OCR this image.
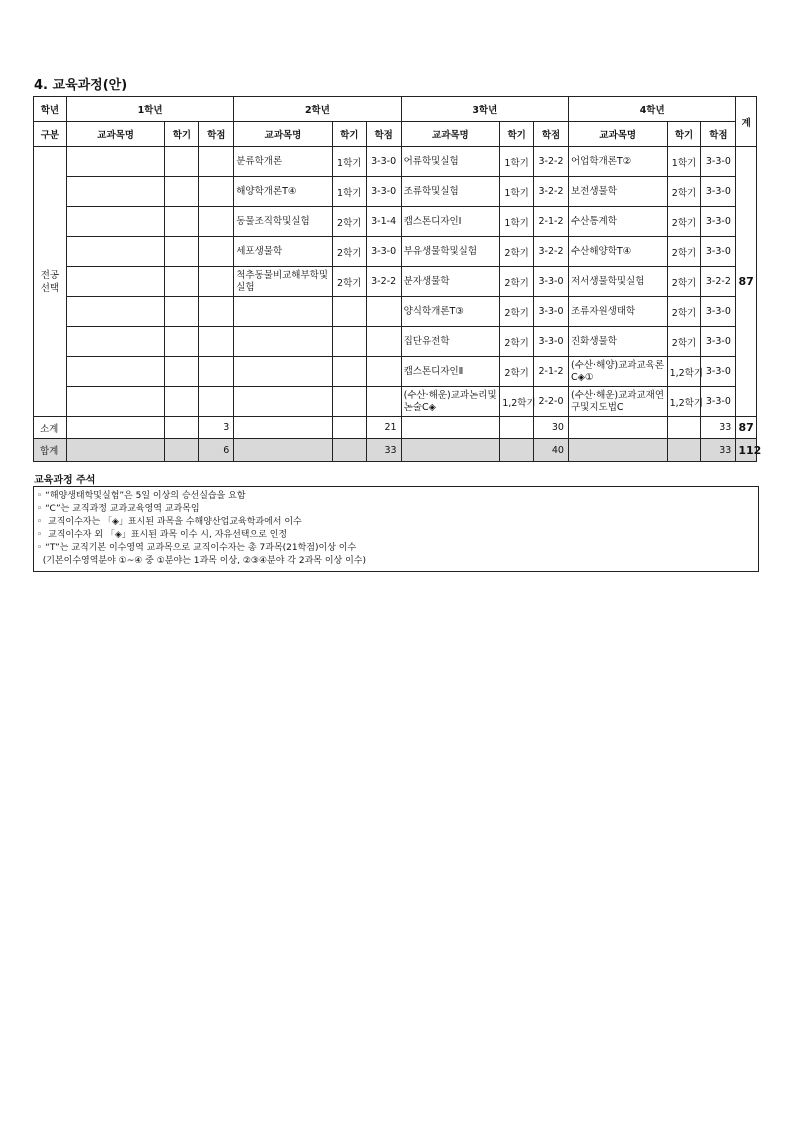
4. 교육과정(안)
학년	1학년			2학년			3학년			4학년			계
구분	교과목명	학기	학점	교과목명	학기	학점	교과목명	학기	학점	교과목명	학기	학점	
전공
선택				분류학개론	1학기	3-3-0	어류학및실험	1학기	3-2-2	어업학개론T②	1학기	3-3-0	87
				해양학개론T④	1학기	3-3-0	조류학및실험	1학기	3-2-2	보전생물학	2학기	3-3-0	
				동물조직학및실험	2학기	3-1-4	캡스톤디자인Ⅰ	1학기	2-1-2	수산통계학	2학기	3-3-0	
				세포생물학	2학기	3-3-0	부유생물학및실험	2학기	3-2-2	수산해양학T④	2학기	3-3-0	
				척추동물비교해부학및실험	2학기	3-2-2	분자생물학	2학기	3-3-0	저서생물학및실험	2학기	3-2-2	
							양식학개론T③	2학기	3-3-0	조류자원생태학	2학기	3-3-0	
							집단유전학	2학기	3-3-0	진화생물학	2학기	3-3-0	
							캡스톤디자인Ⅱ	2학기	2-1-2	(수산·해양)교과교육론C◈①	1,2학기	3-3-0	
							(수산·해운)교과논리및논술C◈	1,2학기	2-2-0	(수산·해운)교과교재연구및지도법C	1,2학기	3-3-0	
소계			3			21			30			33	87
합계			6			33			40			33	112
교육과정 주석
◦ “해양생태학및실험”은 5일 이상의 승선실습을 요함
◦ “C”는 교직과정 교과교육영역 교과목임
◦  교직이수자는 「◈」표시된 과목을 수해양산업교육학과에서 이수
◦  교직이수자 외 「◈」표시된 과목 이수 시, 자유선택으로 인정
◦ “T”는 교직기본 이수영역 교과목으로 교직이수자는 총 7과목(21학점)이상 이수
(기본이수영역분야 ①~④ 중 ①분야는 1과목 이상, ②③④분야 각 2과목 이상 이수)
